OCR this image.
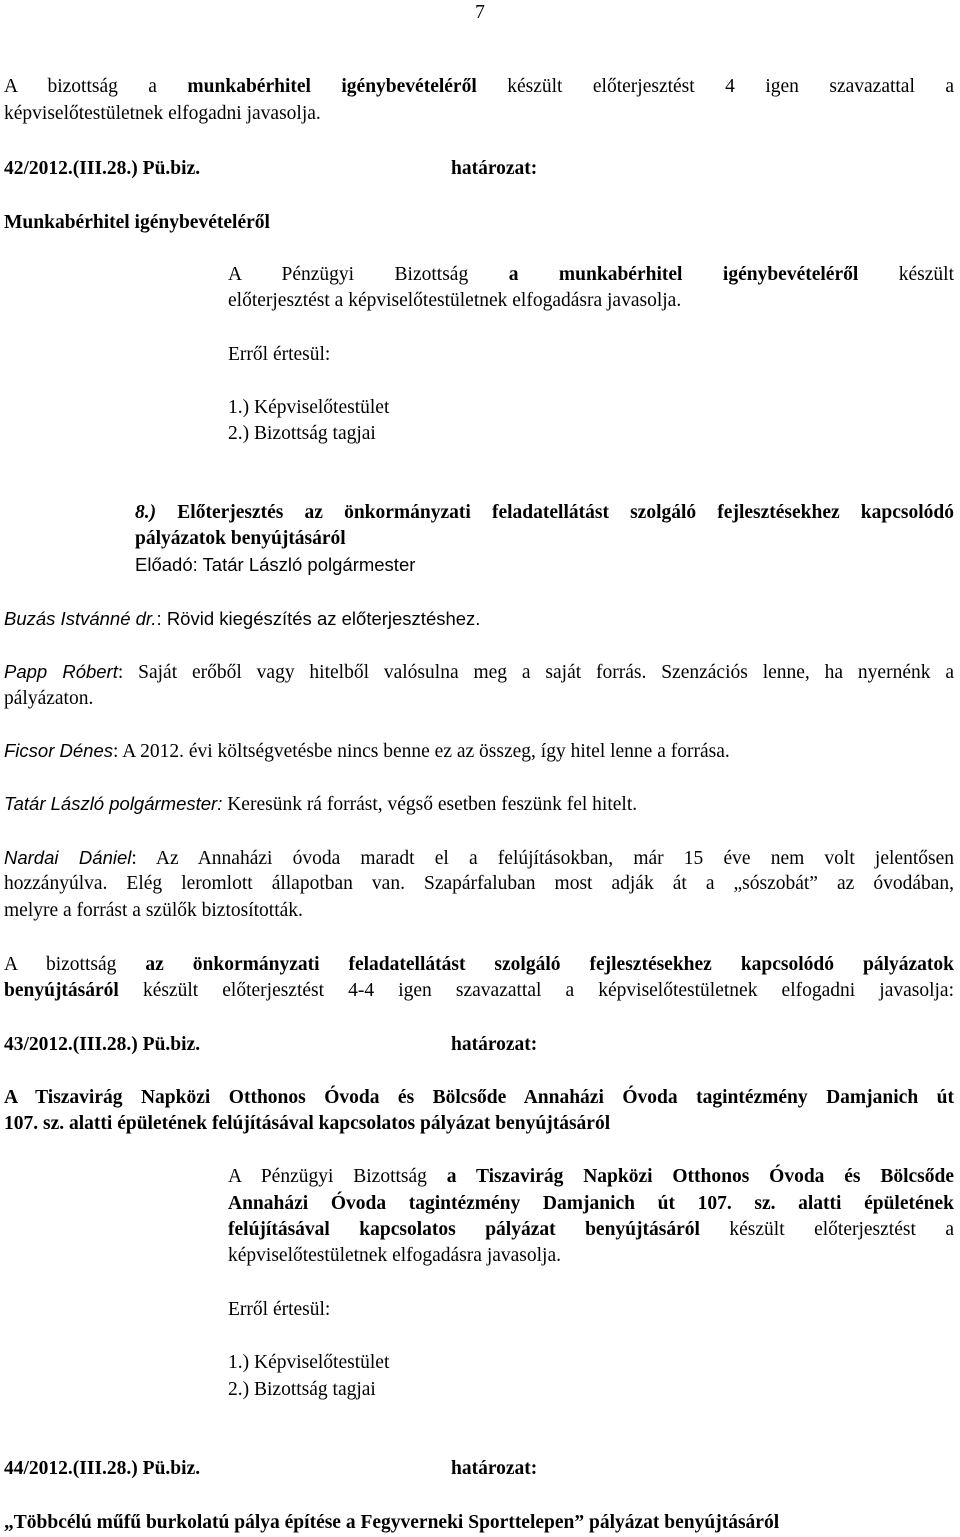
7
A bizottság a munkabérhitel igénybevételéről készült előterjesztést 4 igen szavazattal a
képviselőtestületnek elfogadni javasolja.
42/2012.(III.28.) Pü.biz.	határozat:
Munkabérhitel igénybevételéről
A Pénzügyi Bizottság a munkabérhitel igénybevételéről készült
előterjesztést a képviselőtestületnek elfogadásra javasolja.
Erről értesül:
1.) Képviselőtestület
2.) Bizottság tagjai
8.) Előterjesztés az önkormányzati feladatellátást szolgáló fejlesztésekhez kapcsolódó
pályázatok benyújtásáról
Előadó: Tatár László polgármester
Buzás Istvánné dr.: Rövid kiegészítés az előterjesztéshez.
Papp Róbert: Saját erőből vagy hitelből valósulna meg a saját forrás. Szenzációs lenne, ha nyernénk a
pályázaton.
Ficsor Dénes: A 2012. évi költségvetésbe nincs benne ez az összeg, így hitel lenne a forrása.
Tatár László polgármester: Keresünk rá forrást, végső esetben feszünk fel hitelt.
Nardai Dániel: Az Annaházi óvoda maradt el a felújításokban, már 15 éve nem volt jelentősen
hozzányúlva. Elég leromlott állapotban van. Szapárfaluban most adják át a „sószobát” az óvodában,
melyre a forrást a szülők biztosították.
A bizottság az önkormányzati feladatellátást szolgáló fejlesztésekhez kapcsolódó pályázatok
benyújtásáról készült előterjesztést 4-4 igen szavazattal a képviselőtestületnek elfogadni javasolja:
43/2012.(III.28.) Pü.biz.	határozat:
A Tiszavirág Napközi Otthonos Óvoda és Bölcsőde Annaházi Óvoda tagintézmény Damjanich út
107. sz. alatti épületének felújításával kapcsolatos pályázat benyújtásáról
A Pénzügyi Bizottság a Tiszavirág Napközi Otthonos Óvoda és Bölcsőde
Annaházi Óvoda tagintézmény Damjanich út 107. sz. alatti épületének
felújításával kapcsolatos pályázat benyújtásáról készült előterjesztést a
képviselőtestületnek elfogadásra javasolja.
Erről értesül:
1.) Képviselőtestület
2.) Bizottság tagjai
44/2012.(III.28.) Pü.biz.	határozat:
„Többcélú műfű burkolatú pálya építése a Fegyverneki Sporttelepen” pályázat benyújtásáról
